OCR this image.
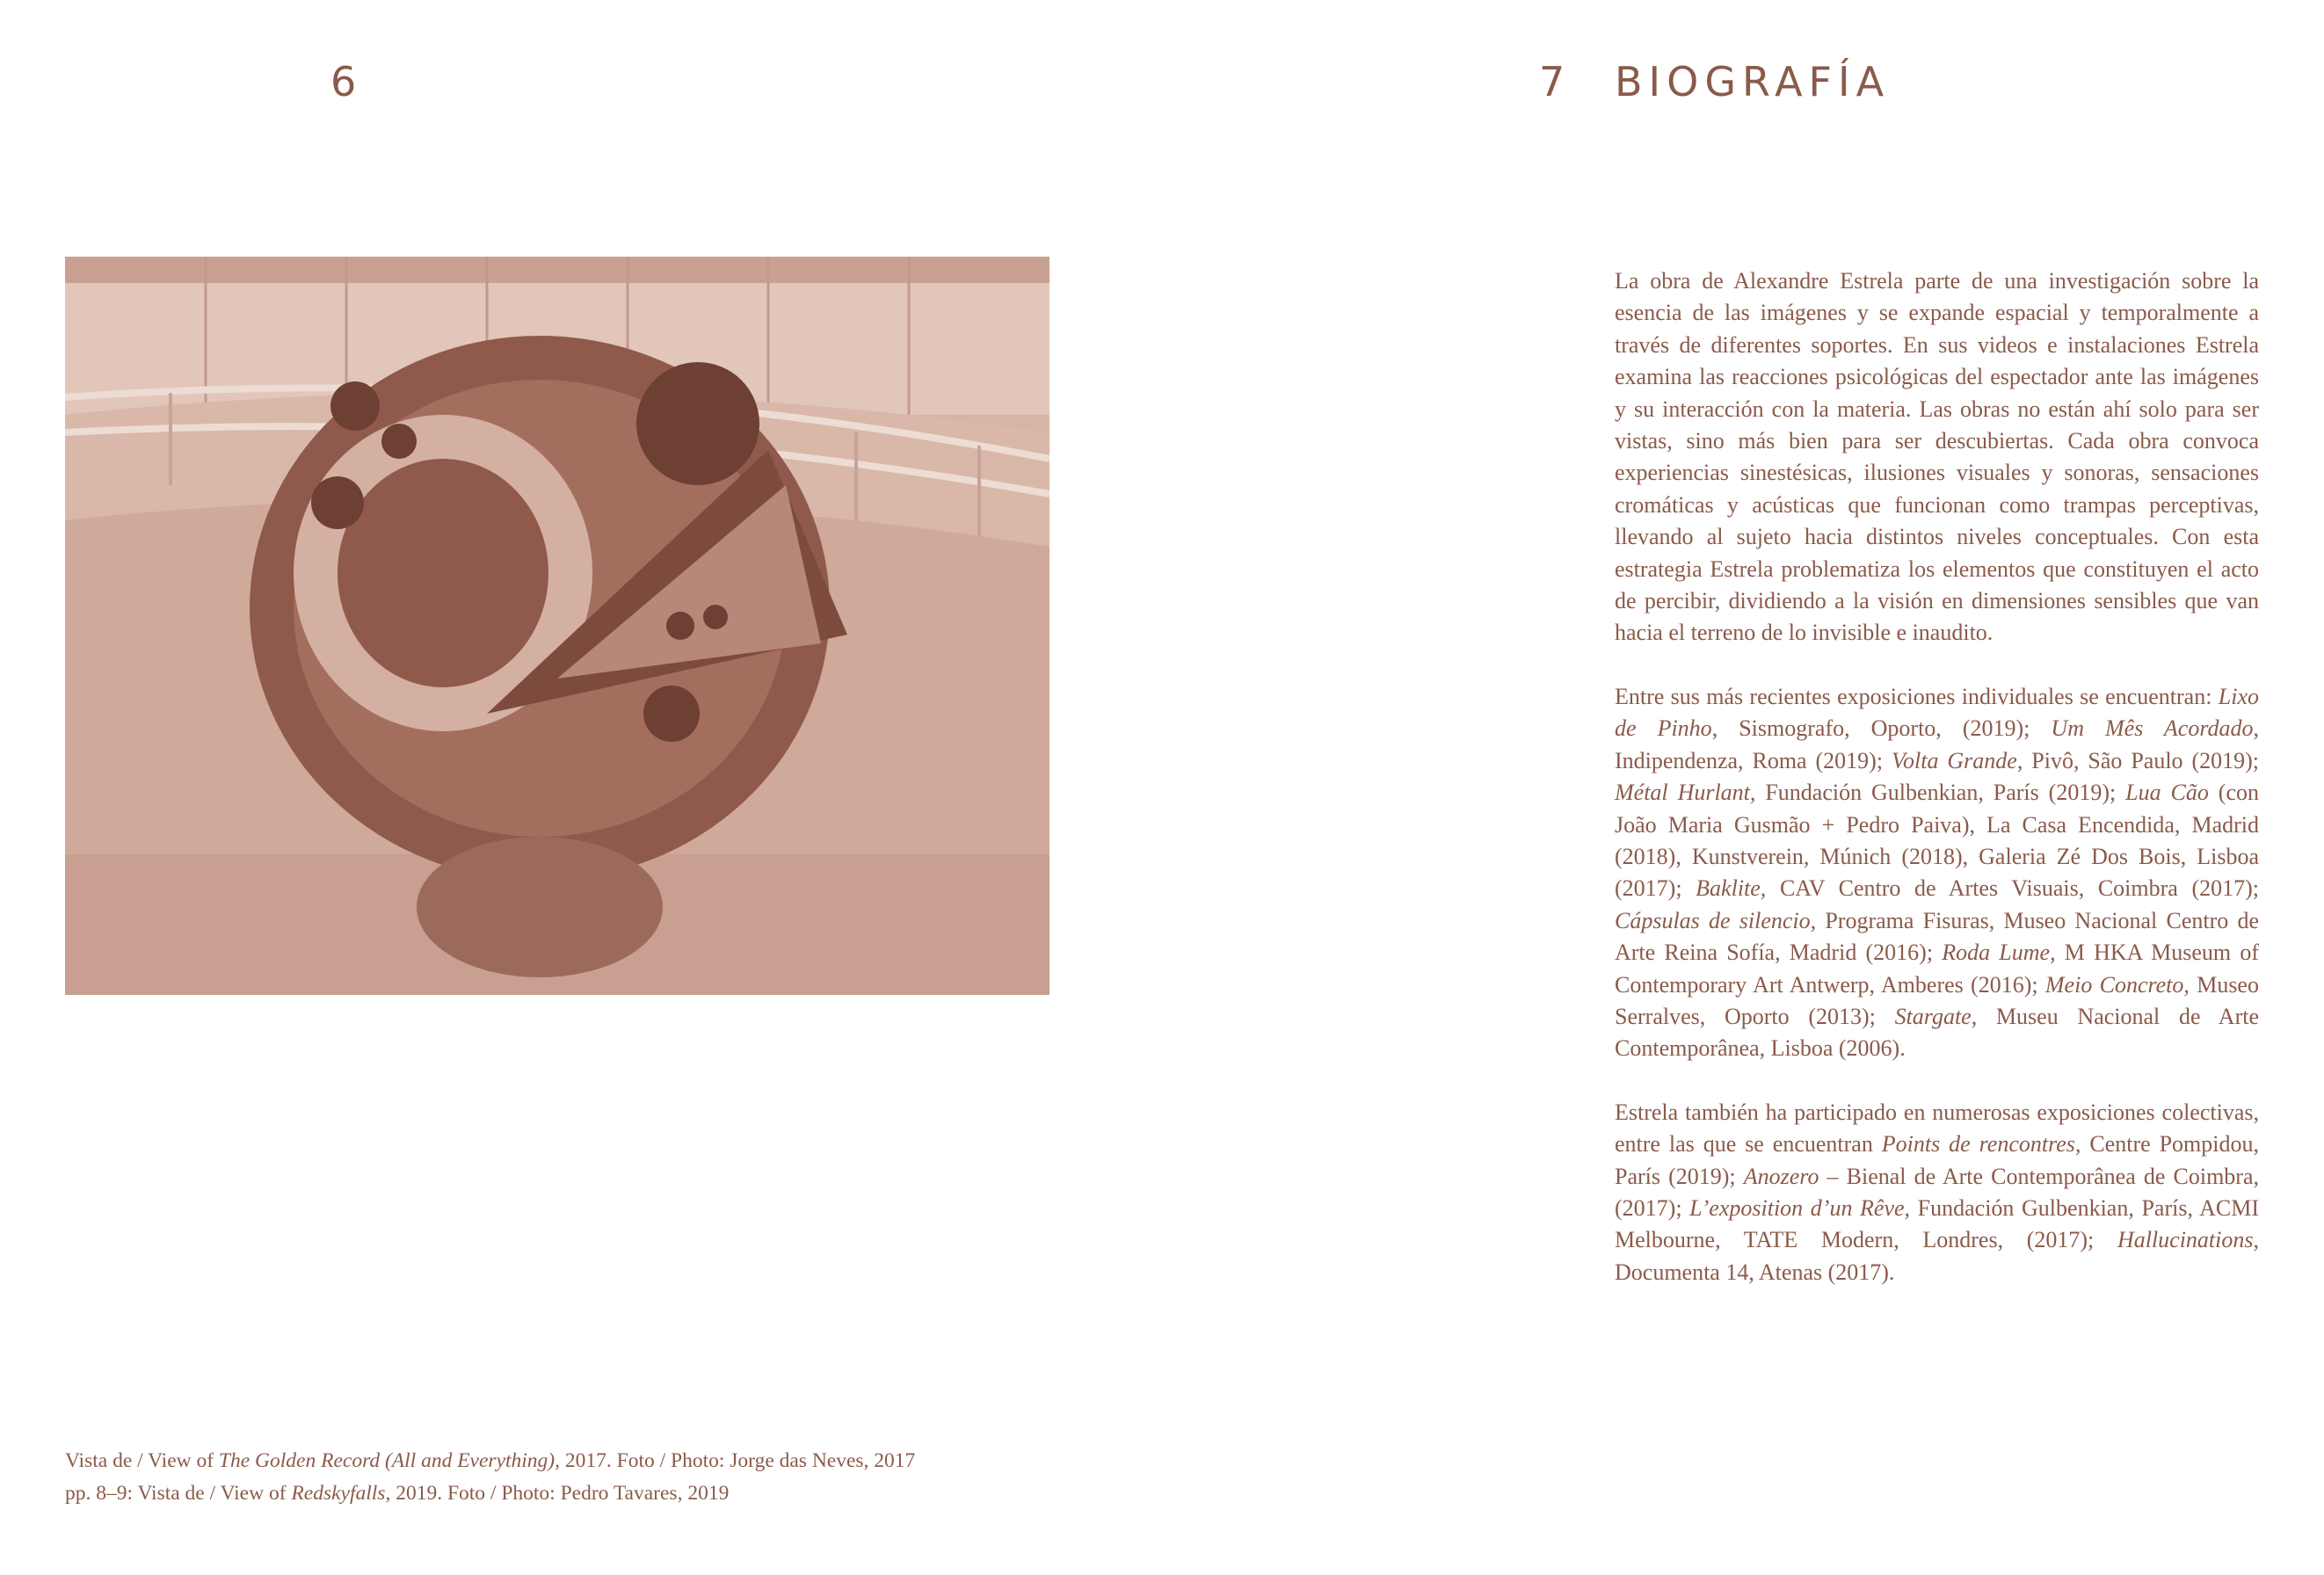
6

Vista de / View of The Golden Record (All and Everything), 2017. Foto / Photo: Jorge das Neves, 2017

pp. 8–9: Vista de / View of Redskyfalls, 2019. Foto / Photo: Pedro Tavares, 2019

7 BIOGRAFÍA

La obra de Alexandre Estrela parte de una investigación sobre la esencia de las imágenes y se expande espacial y temporalmente a través de diferentes soportes. En sus videos e instalaciones Estrela examina las reacciones psicológicas del espectador ante las imágenes y su interacción con la materia. Las obras no están ahí solo para ser vistas, sino más bien para ser descubiertas. Cada obra convoca experiencias sinestésicas, ilusiones visuales y sonoras, sensaciones cromáticas y acústicas que funcionan como trampas perceptivas, llevando al sujeto hacia distintos niveles conceptuales. Con esta estrategia Estrela problematiza los elementos que constituyen el acto de percibir, dividiendo a la visión en dimensiones sensibles que van hacia el terreno de lo invisible e inaudito.

Entre sus más recientes exposiciones individuales se encuentran: Lixo de Pinho, Sismografo, Oporto, (2019); Um Mês Acordado, Indipendenza, Roma (2019); Volta Grande, Pivô, São Paulo (2019); Métal Hurlant, Fundación Gulbenkian, París (2019); Lua Cão (con João Maria Gusmão + Pedro Paiva), La Casa Encendida, Madrid (2018), Kunstverein, Múnich (2018), Galeria Zé Dos Bois, Lisboa (2017); Baklite, CAV Centro de Artes Visuais, Coimbra (2017); Cápsulas de silencio, Programa Fisuras, Museo Nacional Centro de Arte Reina Sofía, Madrid (2016); Roda Lume, M HKA Museum of Contemporary Art Antwerp, Amberes (2016); Meio Concreto, Museo Serralves, Oporto (2013); Stargate, Museu Nacional de Arte Contemporânea, Lisboa (2006).

Estrela también ha participado en numerosas exposiciones colectivas, entre las que se encuentran Points de rencontres, Centre Pompidou, París (2019); Anozero – Bienal de Arte Contemporânea de Coimbra, (2017); L’exposition d’un Rêve, Fundación Gulbenkian, París, ACMI Melbourne, TATE Modern, Londres, (2017); Hallucinations, Documenta 14, Atenas (2017).
